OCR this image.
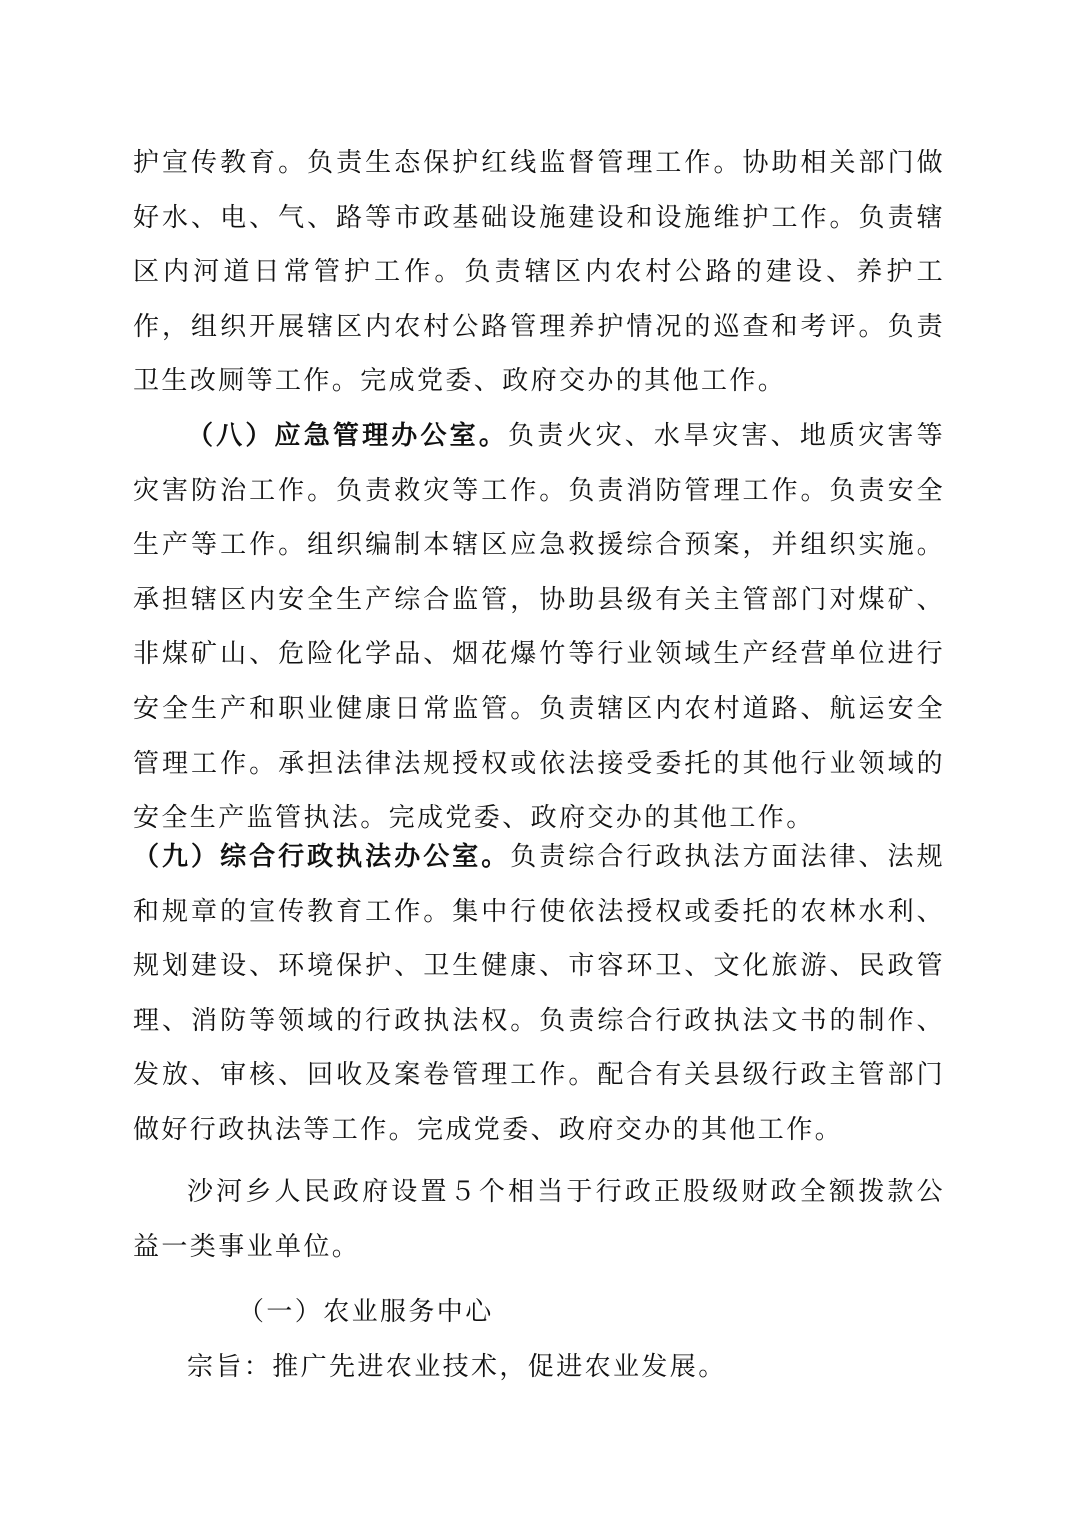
护宣传教育。负责生态保护红线监督管理工作。协助相关部门做好水、电、气、路等市政基础设施建设和设施维护工作。负责辖区内河道日常管护工作。负责辖区内农村公路的建设、养护工作，组织开展辖区内农村公路管理养护情况的巡查和考评。负责卫生改厕等工作。完成党委、政府交办的其他工作。

（八）应急管理办公室。负责火灾、水旱灾害、地质灾害等灾害防治工作。负责救灾等工作。负责消防管理工作。负责安全生产等工作。组织编制本辖区应急救援综合预案，并组织实施。承担辖区内安全生产综合监管，协助县级有关主管部门对煤矿、非煤矿山、危险化学品、烟花爆竹等行业领域生产经营单位进行安全生产和职业健康日常监管。负责辖区内农村道路、航运安全管理工作。承担法律法规授权或依法接受委托的其他行业领域的安全生产监管执法。完成党委、政府交办的其他工作。

（九）综合行政执法办公室。负责综合行政执法方面法律、法规和规章的宣传教育工作。集中行使依法授权或委托的农林水利、规划建设、环境保护、卫生健康、市容环卫、文化旅游、民政管理、消防等领域的行政执法权。负责综合行政执法文书的制作、发放、审核、回收及案卷管理工作。配合有关县级行政主管部门做好行政执法等工作。完成党委、政府交办的其他工作。

沙河乡人民政府设置５个相当于行政正股级财政全额拨款公益一类事业单位。

（一）农业服务中心

宗旨：推广先进农业技术，促进农业发展。
